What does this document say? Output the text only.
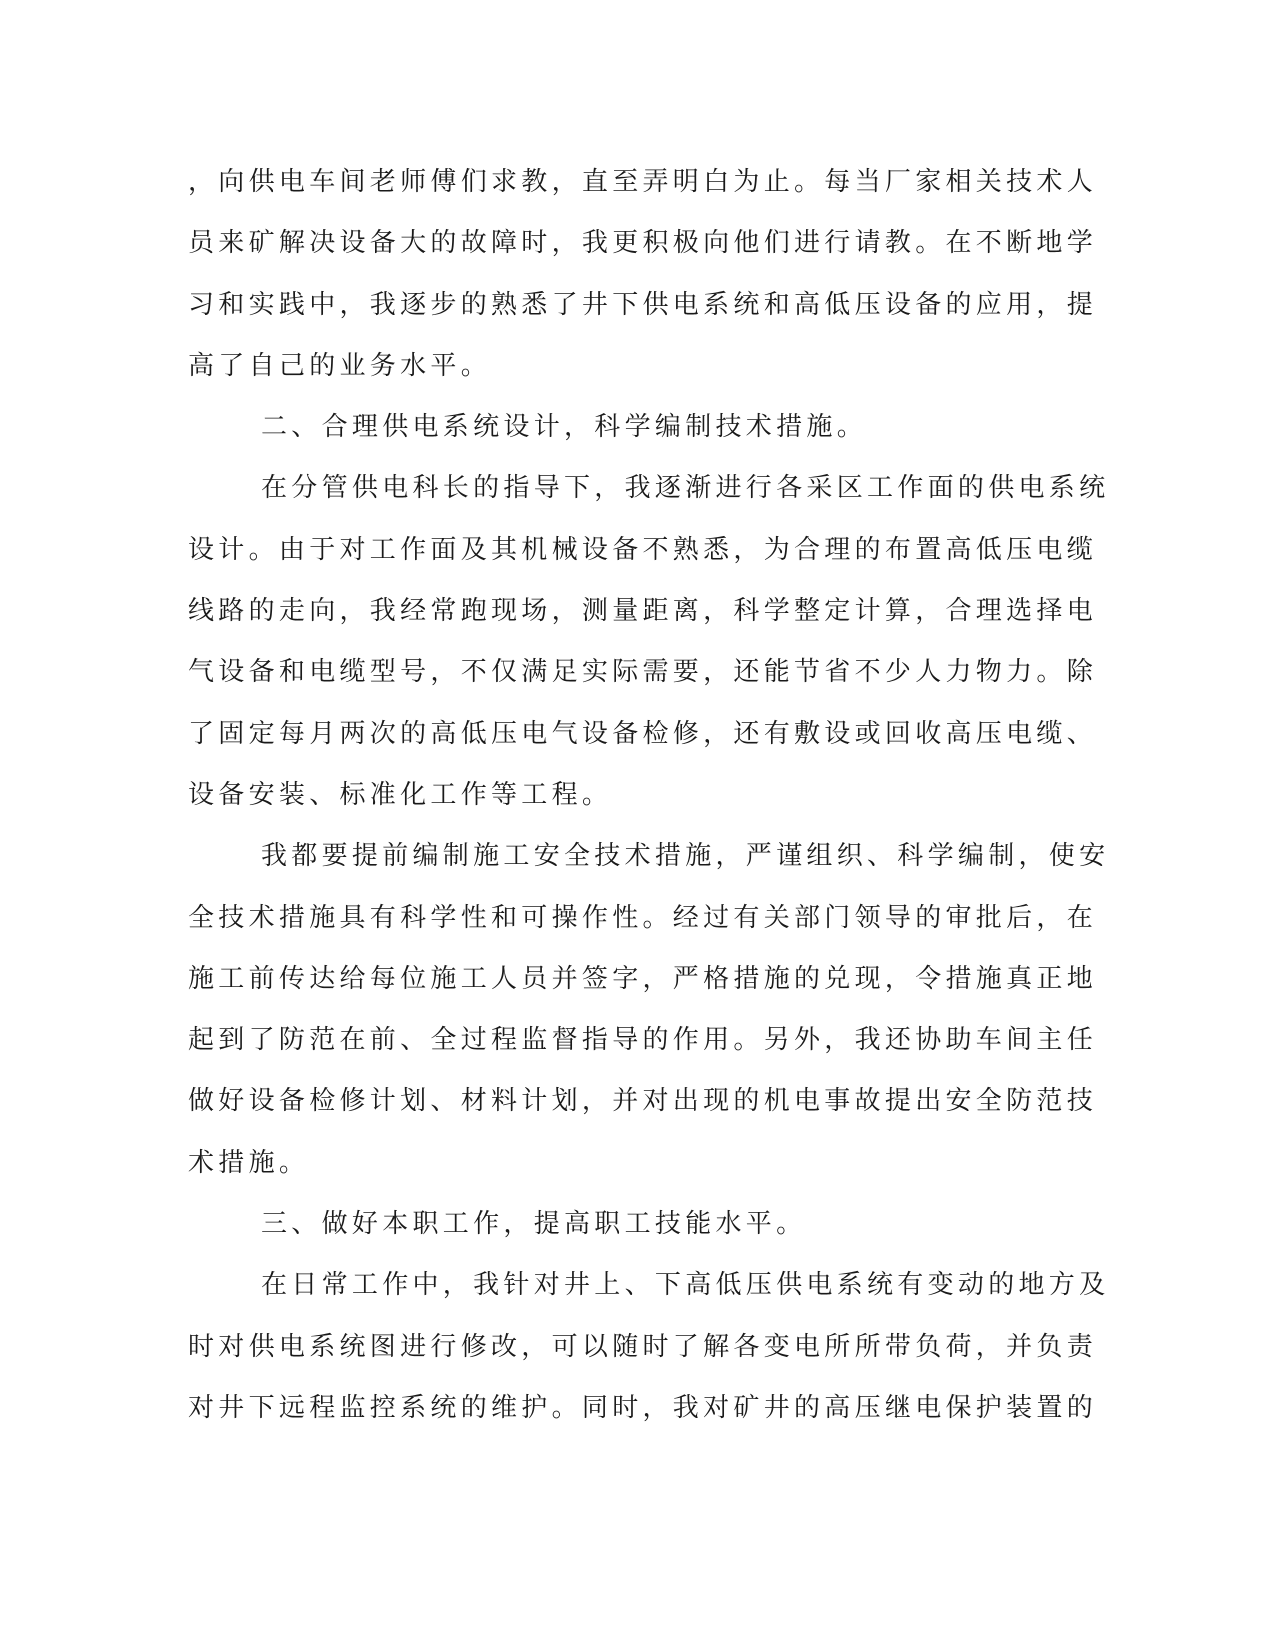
，向供电车间老师傅们求教，直至弄明白为止。每当厂家相关技术人
员来矿解决设备大的故障时，我更积极向他们进行请教。在不断地学
习和实践中，我逐步的熟悉了井下供电系统和高低压设备的应用，提
高了自己的业务水平。
二、合理供电系统设计，科学编制技术措施。
在分管供电科长的指导下，我逐渐进行各采区工作面的供电系统
设计。由于对工作面及其机械设备不熟悉，为合理的布置高低压电缆
线路的走向，我经常跑现场，测量距离，科学整定计算，合理选择电
气设备和电缆型号，不仅满足实际需要，还能节省不少人力物力。除
了固定每月两次的高低压电气设备检修，还有敷设或回收高压电缆、
设备安装、标准化工作等工程。
我都要提前编制施工安全技术措施，严谨组织、科学编制，使安
全技术措施具有科学性和可操作性。经过有关部门领导的审批后，在
施工前传达给每位施工人员并签字，严格措施的兑现，令措施真正地
起到了防范在前、全过程监督指导的作用。另外，我还协助车间主任
做好设备检修计划、材料计划，并对出现的机电事故提出安全防范技
术措施。
三、做好本职工作，提高职工技能水平。
在日常工作中，我针对井上、下高低压供电系统有变动的地方及
时对供电系统图进行修改，可以随时了解各变电所所带负荷，并负责
对井下远程监控系统的维护。同时，我对矿井的高压继电保护装置的
